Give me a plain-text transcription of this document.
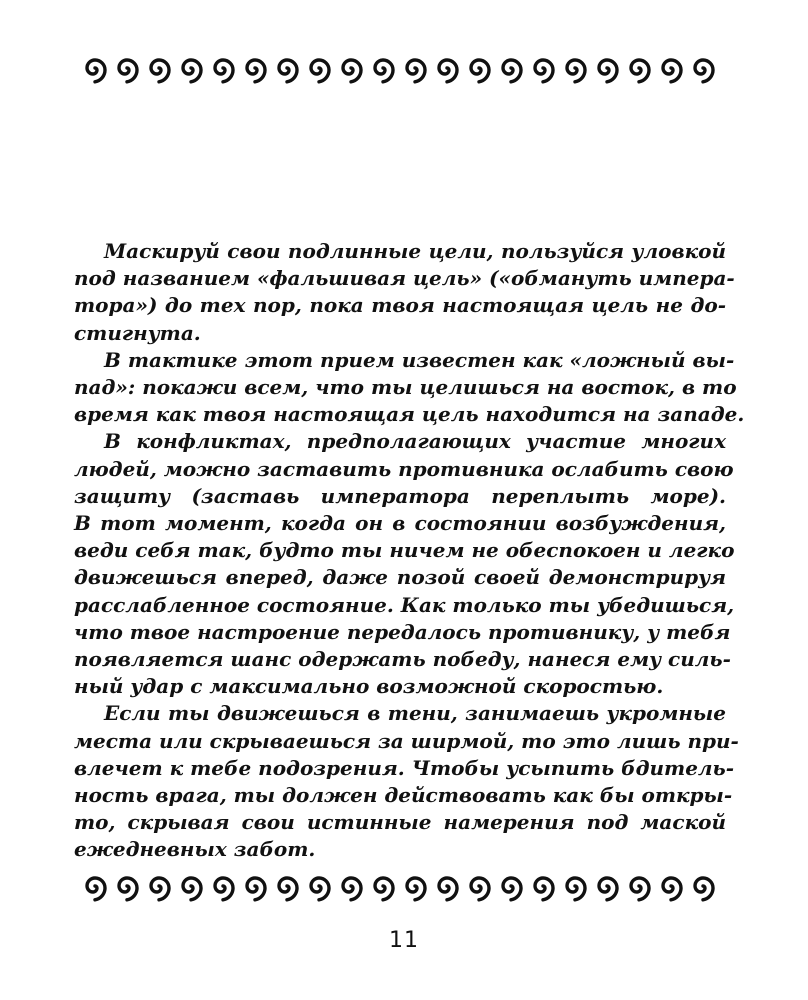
Маскируй свои подлинные цели, пользуйся уловкой
под названием «фальшивая цель» («обмануть импера-
тора») до тех пор, пока твоя настоящая цель не до-
стигнута.
В тактике этот прием известен как «ложный вы-
пад»: покажи всем, что ты целишься на восток, в то
время как твоя настоящая цель находится на западе.
В конфликтах, предполагающих участие многих
людей, можно заставить противника ослабить свою
защиту (заставь императора переплыть море).
В тот момент, когда он в состоянии возбуждения,
веди себя так, будто ты ничем не обеспокоен и легко
движешься вперед, даже позой своей демонстрируя
расслабленное состояние. Как только ты убедишься,
что твое настроение передалось противнику, у тебя
появляется шанс одержать победу, нанеся ему силь-
ный удар с максимально возможной скоростью.
Если ты движешься в тени, занимаешь укромные
места или скрываешься за ширмой, то это лишь при-
влечет к тебе подозрения. Чтобы усыпить бдитель-
ность врага, ты должен действовать как бы откры-
то, скрывая свои истинные намерения под маской
ежедневных забот.
11
